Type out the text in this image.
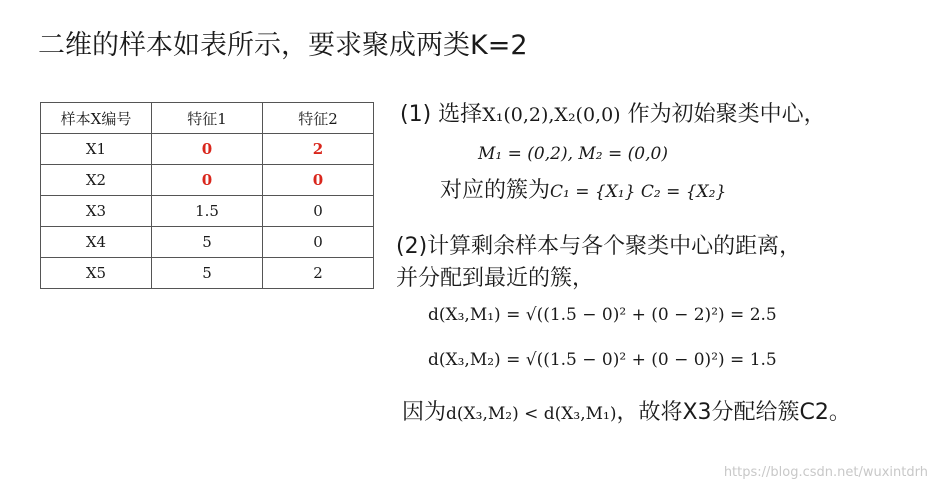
二维的样本如表所示，要求聚成两类K=2
样本X编号	特征1	特征2
X1	0	2
X2	0	0
X3	1.5	0
X4	5	0
X5	5	2
(1) 选择X₁(0,2),X₂(0,0) 作为初始聚类中心，
M₁ = (0,2), M₂ = (0,0)
对应的簇为C₁ = {X₁} C₂ = {X₂}
(2)计算剩余样本与各个聚类中心的距离，
并分配到最近的簇，
d(X₃,M₁) = √((1.5 − 0)² + (0 − 2)²) = 2.5
d(X₃,M₂) = √((1.5 − 0)² + (0 − 0)²) = 1.5
因为d(X₃,M₂) < d(X₃,M₁)，故将X3分配给簇C2。
https://blog.csdn.net/wuxintdrh
